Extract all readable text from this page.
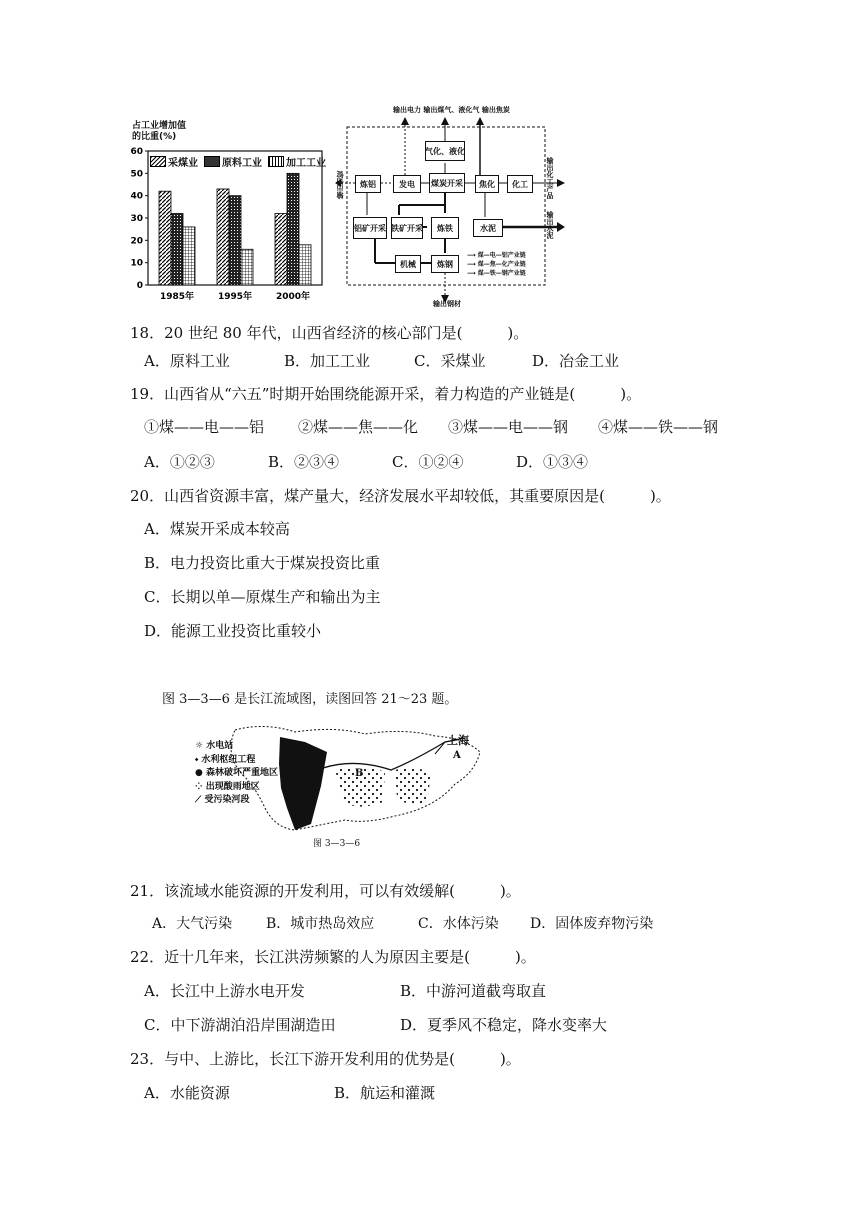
占工业增加值的比重(%)
0
10
20
30
40
50
60
1985年	1995年	2000年
采煤业 原料工业 加工工业
输出电力 输出煤气、液化气 输出焦炭
输出铝锭	输出化工产品
输出水泥
输出钢材
气化、液化
炼铝	发电	煤炭开采	焦化	化工
铝矿开采 铁矿开采	炼铁	水泥
机械	炼钢
⟶ 煤—电—铝产业链
⟶ 煤—焦—化产业链
⟶ 煤—铁—钢产业链
18．20 世纪 80 年代，山西省经济的核心部门是(　　　)。
A．原料工业	B．加工工业	C．采煤业	D．冶金工业
19．山西省从“六五”时期开始围绕能源开采，着力构造的产业链是(　　　)。
①煤——电——铝 ②煤——焦——化 ③煤——电——钢 ④煤——铁——钢
A．①②③	B．②③④	C．①②④	D．①③④
20．山西省资源丰富，煤产量大，经济发展水平却较低，其重要原因是(　　　)。
A．煤炭开采成本较高
B．电力投资比重大于煤炭投资比重
C．长期以单—原煤生产和输出为主
D．能源工业投资比重较小
图 3—3—6 是长江流域图，读图回答 21～23 题。
☼ 水电站
⬩ 水利枢纽工程
● 森林破坏严重地区
⁘ 出现酸雨地区
⟋ 受污染河段
A
B
上海
图 3—3—6
21．该流域水能资源的开发利用，可以有效缓解(　　　)。
A．大气污染 B．城市热岛效应	C．水体污染 D．固体废弃物污染
22．近十几年来，长江洪涝频繁的人为原因主要是(　　　)。
A．长江中上游水电开发	B．中游河道截弯取直
C．中下游湖泊沿岸围湖造田	D．夏季风不稳定，降水变率大
23．与中、上游比，长江下游开发利用的优势是(　　　)。
A．水能资源	B．航运和灌溉
